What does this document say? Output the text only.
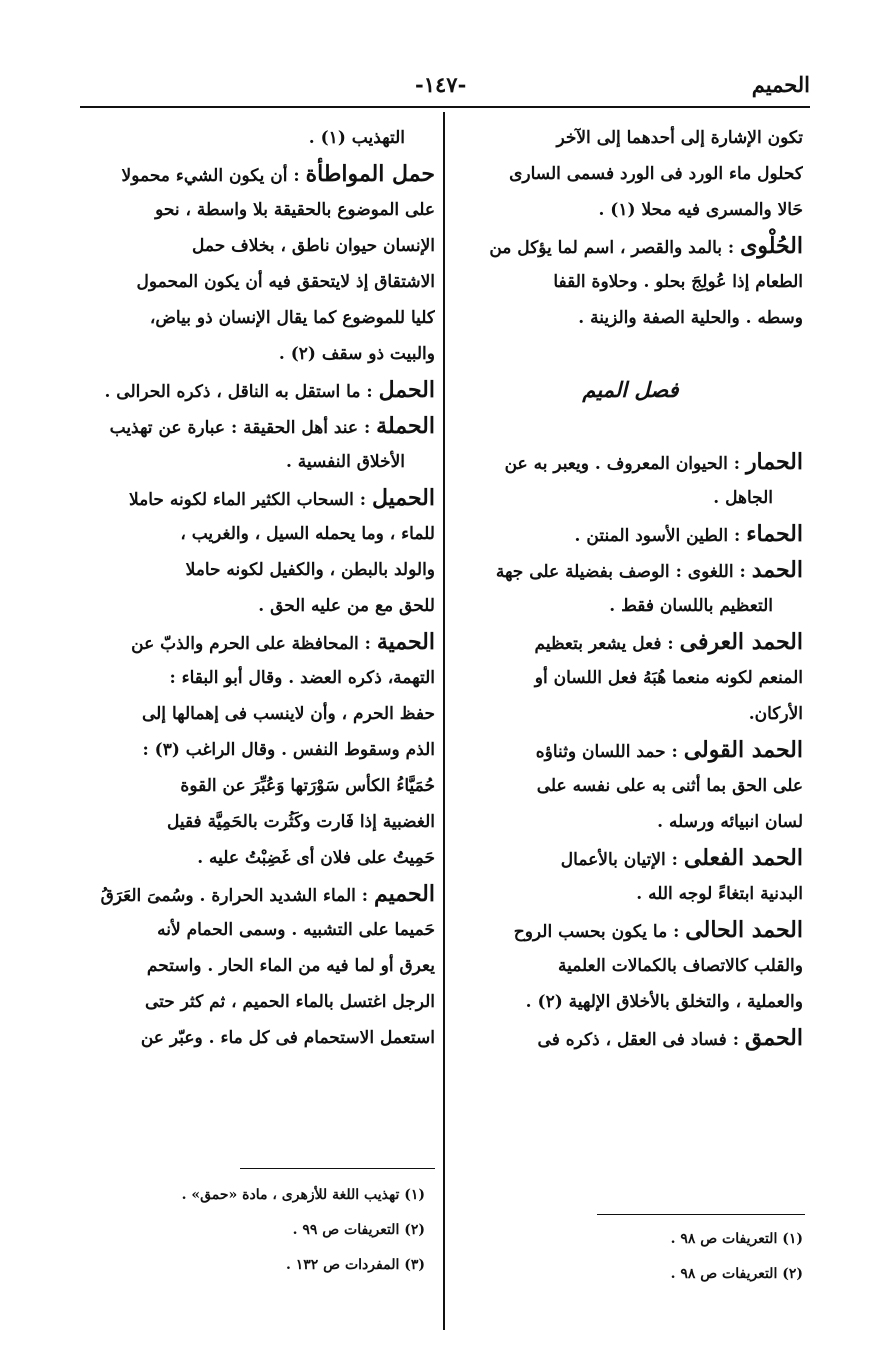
الحميم
-١٤٧-
تكون الإشارة إلى أحدهما إلى الآخر
كحلول ماء الورد فى الورد فسمى السارى
حَالا والمسرى فيه محلا (١) .
الحُلْوى : بالمد والقصر ، اسم لما يؤكل من
الطعام إذا عُولِجَ بحلو . وحلاوة القفا
وسطه . والحلية الصفة والزينة .
فصل الميم
الحمار : الحيوان المعروف . ويعبر به عن
الجاهل .
الحماء : الطين الأسود المنتن .
الحمد : اللغوى : الوصف بفضيلة على جهة
التعظيم باللسان فقط .
الحمد العرفى : فعل يشعر بتعظيم
المنعم لكونه منعما هُبَهُ فعل اللسان أو
الأركان.
الحمد القولى : حمد اللسان وثناؤه
على الحق بما أثنى به على نفسه على
لسان انبيائه ورسله .
الحمد الفعلى : الإتيان بالأعمال
البدنية ابتغاءً لوجه الله .
الحمد الحالى : ما يكون بحسب الروح
والقلب كالاتصاف بالكمالات العلمية
والعملية ، والتخلق بالأخلاق الإلهية (٢) .
الحمق : فساد فى العقل ، ذكره فى
التهذيب (١) .
حمل المواطأة : أن يكون الشيء محمولا
على الموضوع بالحقيقة بلا واسطة ، نحو
الإنسان حيوان ناطق ، بخلاف حمل
الاشتقاق إذ لايتحقق فيه أن يكون المحمول
كليا للموضوع كما يقال الإنسان ذو بياض،
والبيت ذو سقف (٢) .
الحمل : ما استقل به الناقل ، ذكره الحرالى .
الحملة : عند أهل الحقيقة : عبارة عن تهذيب
الأخلاق النفسية .
الحميل : السحاب الكثير الماء لكونه حاملا
للماء ، وما يحمله السيل ، والغريب ،
والولد بالبطن ، والكفيل لكونه حاملا
للحق مع من عليه الحق .
الحمية : المحافظة على الحرم والذبّ عن
التهمة، ذكره العضد . وقال أبو البقاء :
حفظ الحرم ، وأن لاينسب فى إهمالها إلى
الذم وسقوط النفس . وقال الراغب (٣) :
حُمَيَّاءُ الكأس سَوْرَتها وَعُبِّرَ عن القوة
الغضبية إذا فَارت وكَثُرت بالحَمِيَّة فقيل
حَمِيتُ على فلان أى غَضِبْتُ عليه .
الحميم : الماء الشديد الحرارة . وسُمىَ العَرَقُ
حَميما على التشبيه . وسمى الحمام لأنه
يعرق أو لما فيه من الماء الحار . واستحم
الرجل اغتسل بالماء الحميم ، ثم كثر حتى
استعمل الاستحمام فى كل ماء . وعبّر عن
(١) تهذيب اللغة للأزهرى ، مادة «حمق» .
(٢) التعريفات ص ٩٩ .
(٣) المفردات ص ١٣٢ .
(١) التعريفات ص ٩٨ .
(٢) التعريفات ص ٩٨ .
